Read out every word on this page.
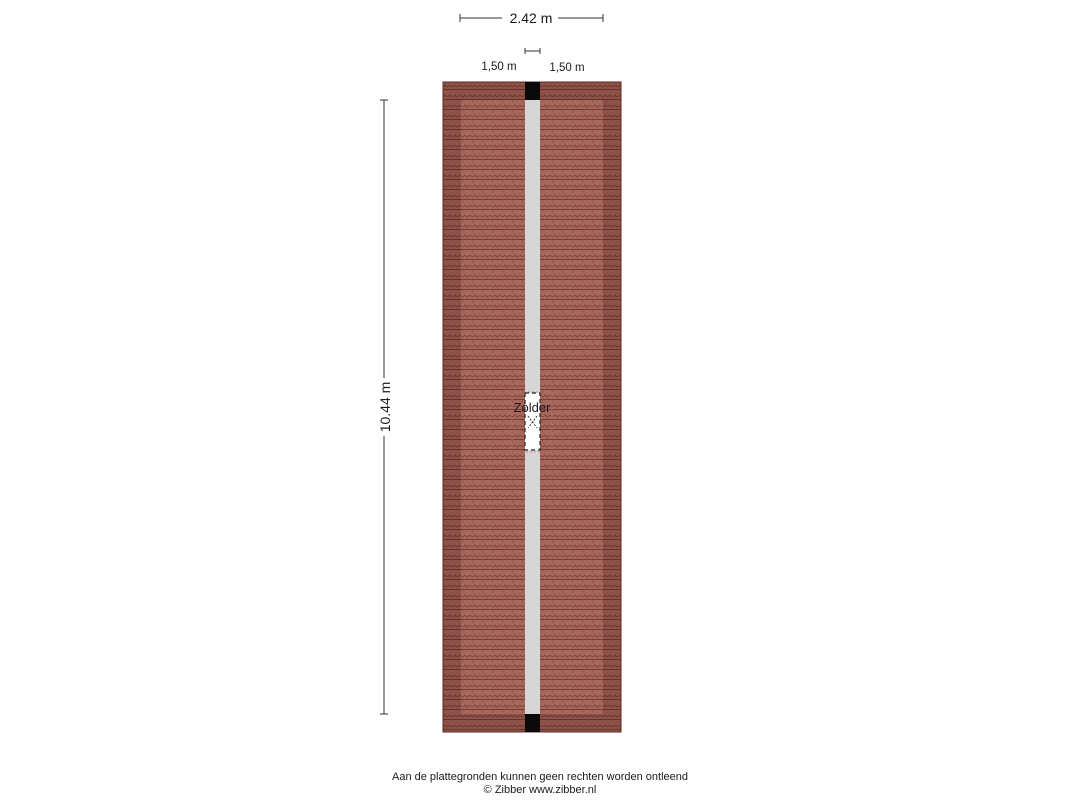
2.42 m
1,50 m	1,50 m
10.44 m	Zolder
Aan de plattegronden kunnen geen rechten worden ontleend
© Zibber www.zibber.nl
